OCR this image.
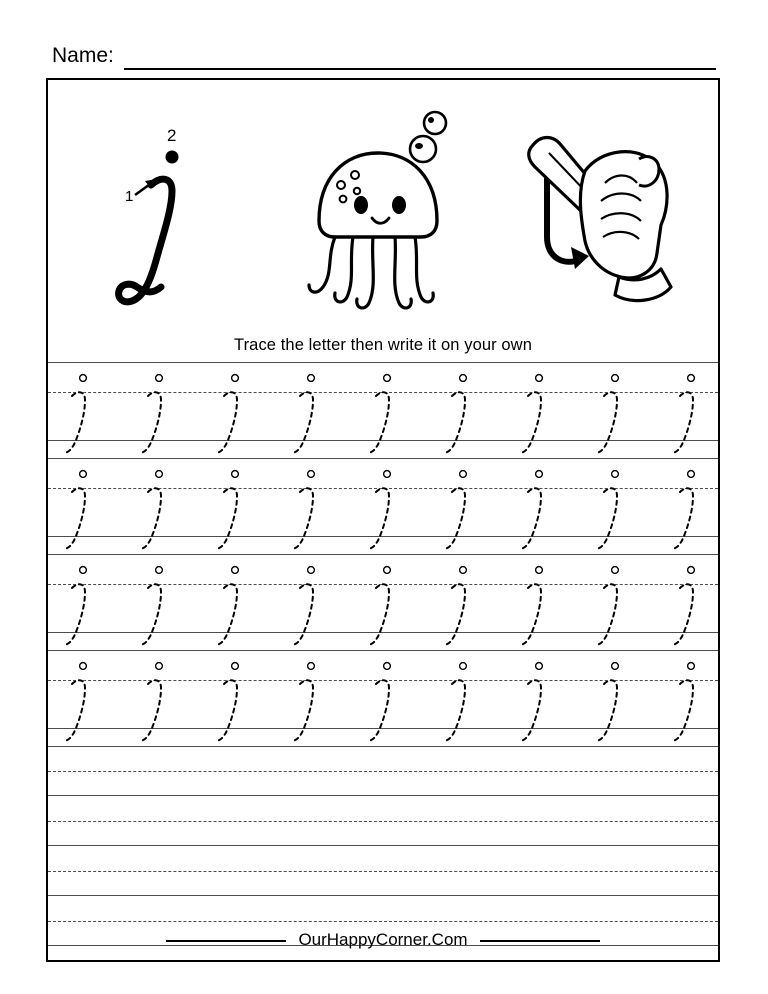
Name:
1
2
Trace the letter then write it on your own
OurHappyCorner.Com
